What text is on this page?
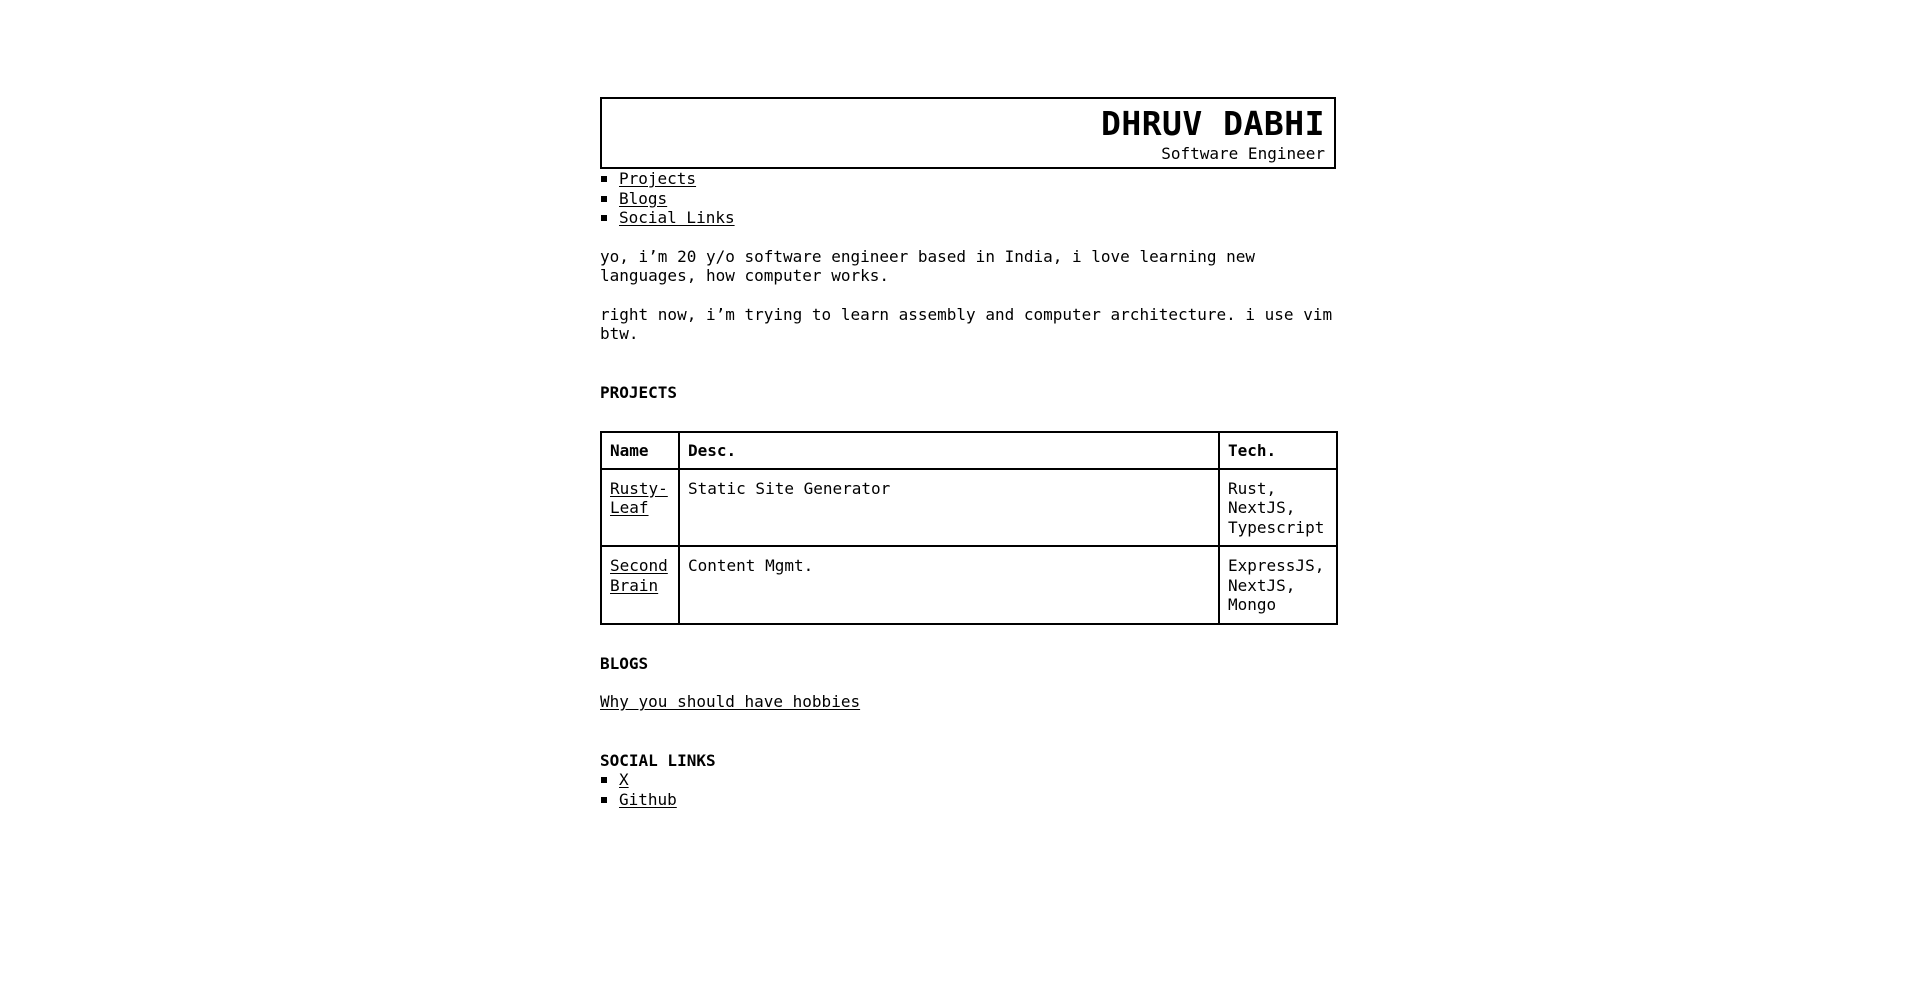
DHRUV DABHI
Software Engineer
Projects
Blogs
Social Links

yo, i’m 20 y/o software engineer based in India, i love learning new languages, how computer works.

right now, i’m trying to learn assembly and computer architecture. i use vim btw.

PROJECTS
Name	Desc.	Tech.
Rusty-Leaf	Static Site Generator	Rust, NextJS, Typescript
Second Brain	Content Mgmt.	ExpressJS, NextJS, Mongo
BLOGS
Why you should have hobbies
SOCIAL LINKS
X
Github
